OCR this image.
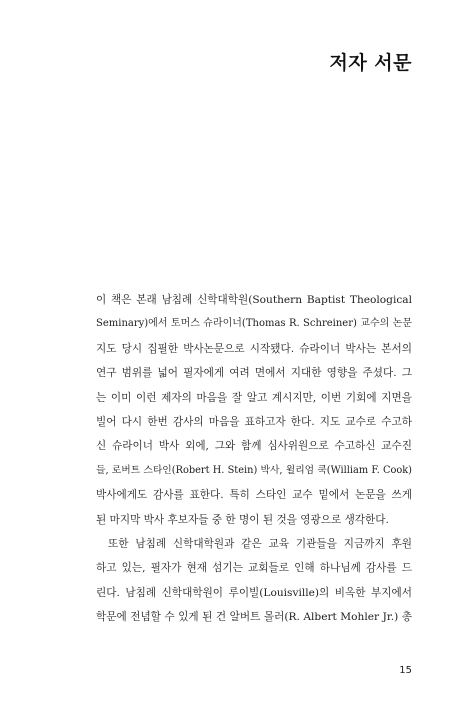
저자 서문
이 책은 본래 남침례 신학대학원(Southern Baptist Theological
Seminary)에서 토머스 슈라이너(Thomas R. Schreiner) 교수의 논문
지도 당시 집필한 박사논문으로 시작됐다. 슈라이너 박사는 본서의
연구 범위를 넓어 필자에게 여려 면에서 지대한 영향을 주셨다. 그
는 이미 이런 제자의 마음을 잘 알고 계시지만, 이번 기회에 지면을
빌어 다시 한번 감사의 마음을 표하고자 한다. 지도 교수로 수고하
신 슈라이너 박사 외에, 그와 함께 심사위원으로 수고하신 교수진
들, 로버트 스타인(Robert H. Stein) 박사, 윌리엄 쿡(William F. Cook)
박사에게도 감사를 표한다. 특히 스타인 교수 밑에서 논문을 쓰게
된 마지막 박사 후보자들 중 한 명이 된 것을 영광으로 생각한다.
또한 남침례 신학대학원과 같은 교육 기관들을 지금까지 후원
하고 있는, 필자가 현재 섬기는 교회들로 인해 하나님께 감사를 드
린다. 남침례 신학대학원이 루이빌(Louisville)의 비옥한 부지에서
학문에 전념할 수 있게 된 건 알버트 몰러(R. Albert Mohler Jr.) 총
15
